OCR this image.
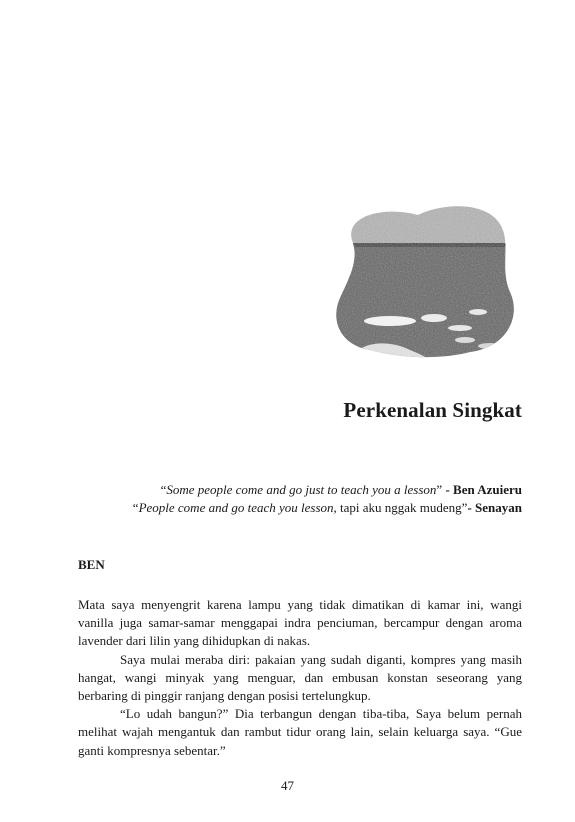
Perkenalan Singkat
“Some people come and go just to teach you a lesson” - Ben Azuieru
“People come and go teach you lesson, tapi aku nggak mudeng”- Senayan
BEN

Mata saya menyengrit karena lampu yang tidak dimatikan di kamar ini, wangi vanilla juga samar-samar menggapai indra penciuman, bercampur dengan aroma lavender dari lilin yang dihidupkan di nakas.

Saya mulai meraba diri: pakaian yang sudah diganti, kompres yang masih hangat, wangi minyak yang menguar, dan embusan konstan seseorang yang berbaring di pinggir ranjang dengan posisi tertelungkup.

“Lo udah bangun?” Dia terbangun dengan tiba-tiba, Saya belum pernah melihat wajah mengantuk dan rambut tidur orang lain, selain keluarga saya. “Gue ganti kompresnya sebentar.”

47
